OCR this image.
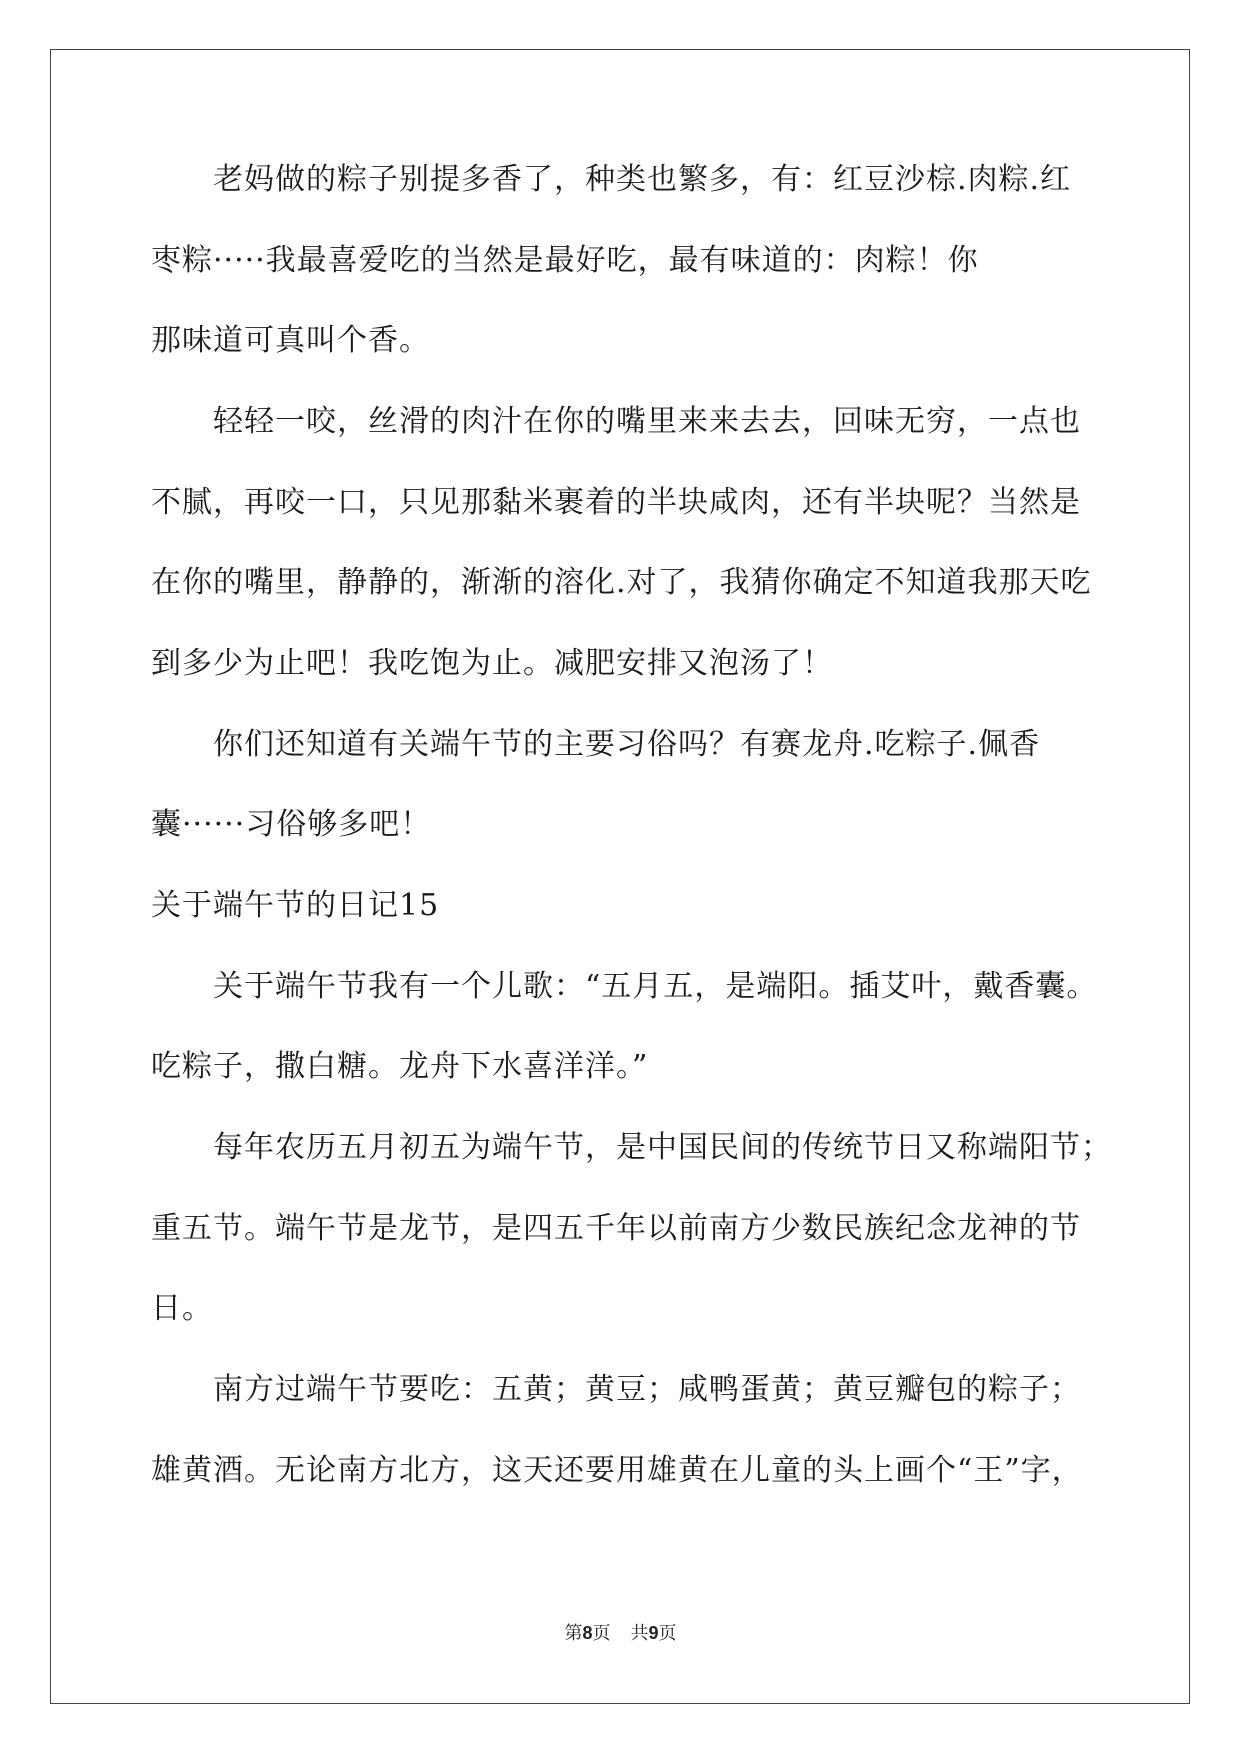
　　老妈做的粽子别提多香了，种类也繁多，有：红豆沙棕.肉粽.红
枣粽·····我最喜爱吃的当然是最好吃，最有味道的：肉粽！你
那味道可真叫个香。
　　轻轻一咬，丝滑的肉汁在你的嘴里来来去去，回味无穷，一点也
不腻，再咬一口，只见那黏米裹着的半块咸肉，还有半块呢？当然是
在你的嘴里，静静的，渐渐的溶化.对了，我猜你确定不知道我那天吃
到多少为止吧！我吃饱为止。减肥安排又泡汤了！
　　你们还知道有关端午节的主要习俗吗？有赛龙舟.吃粽子.佩香
囊······习俗够多吧！
关于端午节的日记15
　　关于端午节我有一个儿歌：“五月五，是端阳。插艾叶，戴香囊。
吃粽子，撒白糖。龙舟下水喜洋洋。”
　　每年农历五月初五为端午节，是中国民间的传统节日又称端阳节；
重五节。端午节是龙节，是四五千年以前南方少数民族纪念龙神的节
日。
　　南方过端午节要吃：五黄；黄豆；咸鸭蛋黄；黄豆瓣包的粽子；
雄黄酒。无论南方北方，这天还要用雄黄在儿童的头上画个“王”字，
第8页 共9页
